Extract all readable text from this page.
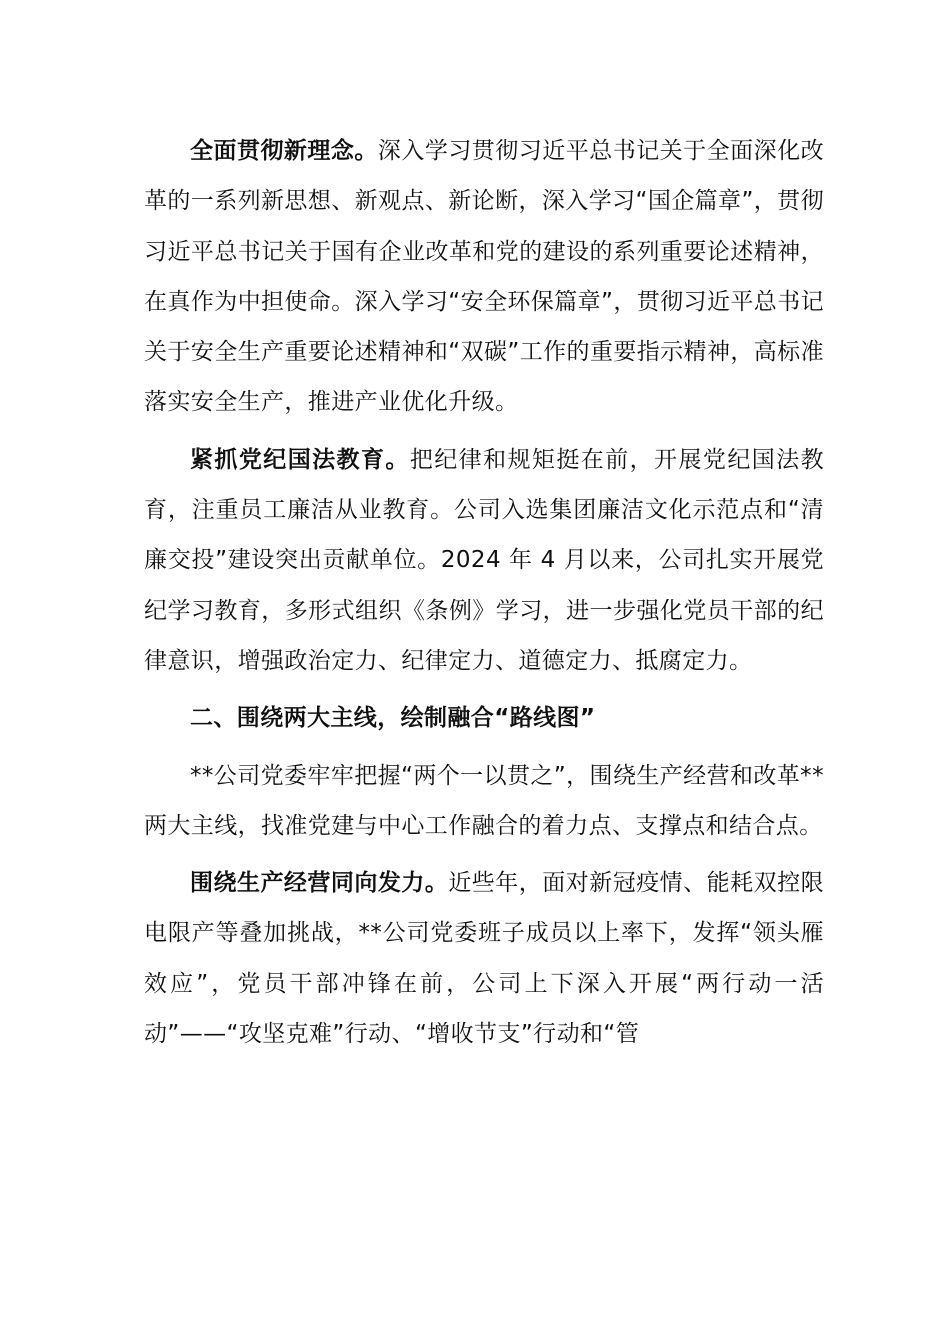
全面贯彻新理念。深入学习贯彻习近平总书记关于全面深化改革的一系列新思想、新观点、新论断，深入学习“国企篇章”，贯彻习近平总书记关于国有企业改革和党的建设的系列重要论述精神，在真作为中担使命。深入学习“安全环保篇章”，贯彻习近平总书记关于安全生产重要论述精神和“双碳”工作的重要指示精神，高标准落实安全生产，推进产业优化升级。

紧抓党纪国法教育。把纪律和规矩挺在前，开展党纪国法教育，注重员工廉洁从业教育。公司入选集团廉洁文化示范点和“清廉交投”建设突出贡献单位。2024 年 4 月以来，公司扎实开展党纪学习教育，多形式组织《条例》学习，进一步强化党员干部的纪律意识，增强政治定力、纪律定力、道德定力、抵腐定力。

二、围绕两大主线，绘制融合“路线图”

**公司党委牢牢把握“两个一以贯之”，围绕生产经营和改革**两大主线，找准党建与中心工作融合的着力点、支撑点和结合点。

围绕生产经营同向发力。近些年，面对新冠疫情、能耗双控限电限产等叠加挑战，**公司党委班子成员以上率下，发挥“领头雁效应”，党员干部冲锋在前，公司上下深入开展“两行动一活动”——“攻坚克难”行动、“增收节支”行动和“管
